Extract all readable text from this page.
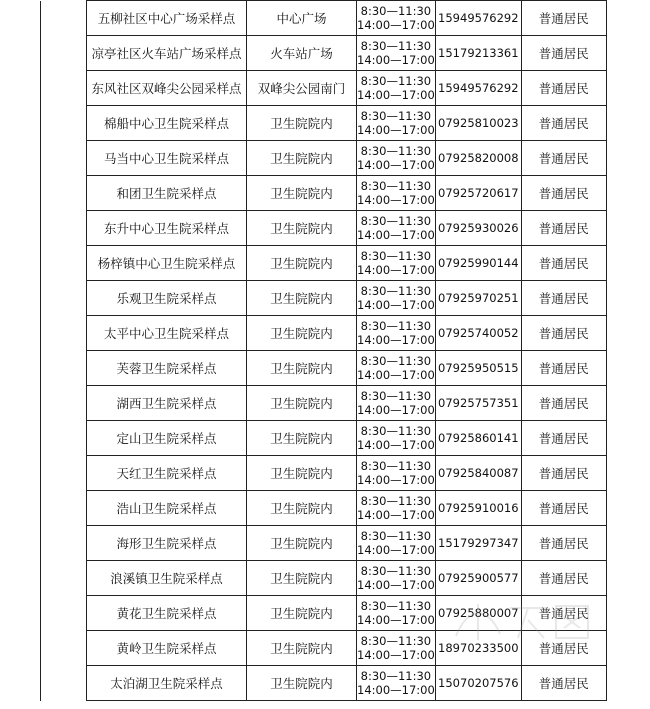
	五柳社区中心广场采样点	中心广场	8:30—11:30
14:00—17:00	15949576292	普通居民
	凉亭社区火车站广场采样点	火车站广场	8:30—11:30
14:00—17:00	15179213361	普通居民
	东风社区双峰尖公园采样点	双峰尖公园南门	8:30—11:30
14:00—17:00	15949576292	普通居民
	棉船中心卫生院采样点	卫生院院内	8:30—11:30
14:00—17:00	07925810023	普通居民
	马当中心卫生院采样点	卫生院院内	8:30—11:30
14:00—17:00	07925820008	普通居民
	和团卫生院采样点	卫生院院内	8:30—11:30
14:00—17:00	07925720617	普通居民
	东升中心卫生院采样点	卫生院院内	8:30—11:30
14:00—17:00	07925930026	普通居民
	杨梓镇中心卫生院采样点	卫生院院内	8:30—11:30
14:00—17:00	07925990144	普通居民
	乐观卫生院采样点	卫生院院内	8:30—11:30
14:00—17:00	07925970251	普通居民
	太平中心卫生院采样点	卫生院院内	8:30—11:30
14:00—17:00	07925740052	普通居民
	芙蓉卫生院采样点	卫生院院内	8:30—11:30
14:00—17:00	07925950515	普通居民
	湖西卫生院采样点	卫生院院内	8:30—11:30
14:00—17:00	07925757351	普通居民
	定山卫生院采样点	卫生院院内	8:30—11:30
14:00—17:00	07925860141	普通居民
	天红卫生院采样点	卫生院院内	8:30—11:30
14:00—17:00	07925840087	普通居民
	浩山卫生院采样点	卫生院院内	8:30—11:30
14:00—17:00	07925910016	普通居民
	海形卫生院采样点	卫生院院内	8:30—11:30
14:00—17:00	15179297347	普通居民
	浪溪镇卫生院采样点	卫生院院内	8:30—11:30
14:00—17:00	07925900577	普通居民
	黄花卫生院采样点	卫生院院内	8:30—11:30
14:00—17:00	07925880007	普通居民
	黄岭卫生院采样点	卫生院院内	8:30—11:30
14:00—17:00	18970233500	普通居民
	太泊湖卫生院采样点	卫生院院内	8:30—11:30
14:00—17:00	15070207576	普通居民
